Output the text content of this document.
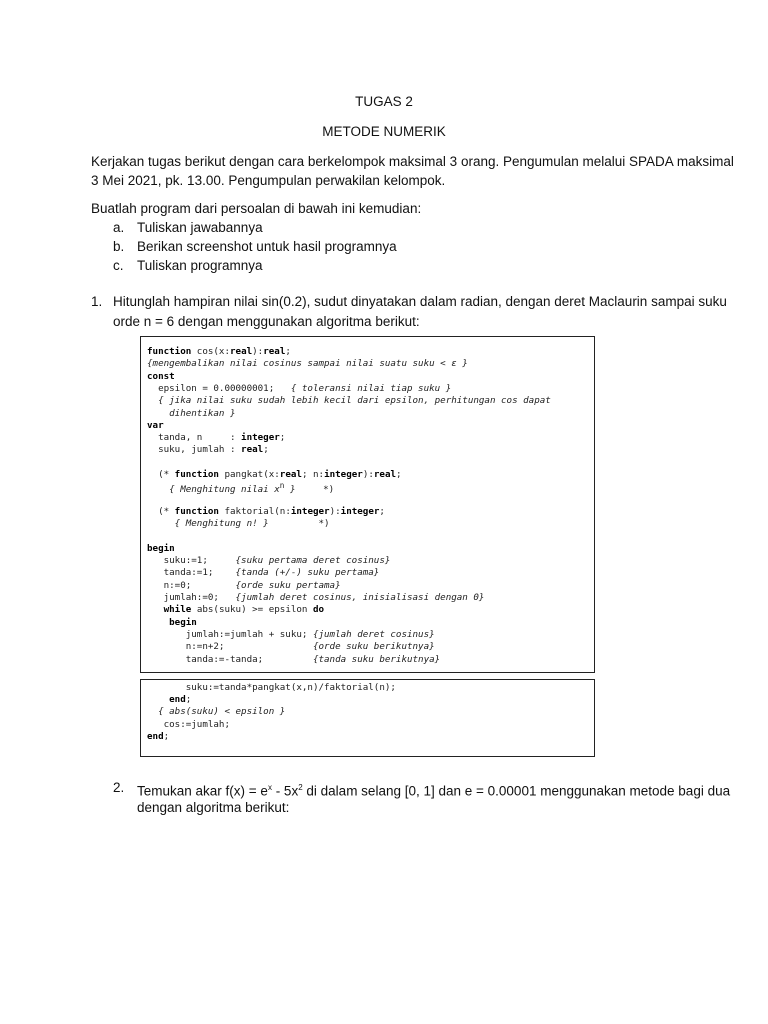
TUGAS 2
METODE NUMERIK
Kerjakan tugas berikut dengan cara berkelompok maksimal 3 orang. Pengumulan melalui SPADA maksimal
3 Mei 2021, pk. 13.00. Pengumpulan perwakilan kelompok.
Buatlah program dari persoalan di bawah ini kemudian:
a. Tuliskan jawabannya
b. Berikan screenshot untuk hasil programnya
c. Tuliskan programnya
1. Hitunglah hampiran nilai sin(0.2), sudut dinyatakan dalam radian, dengan deret Maclaurin sampai suku
orde n = 6 dengan menggunakan algoritma berikut:
function cos(x:real):real;
{mengembalikan nilai cosinus sampai nilai suatu suku < ε }
const
epsilon = 0.00000001;   { toleransi nilai tiap suku }
{ jika nilai suku sudah lebih kecil dari epsilon, perhitungan cos dapat
dihentikan }
var
tanda, n     : integer;
suku, jumlah : real;
(* function pangkat(x:real; n:integer):real;
{ Menghitung nilai $x^n$ }     *)
(* function faktorial(n:integer):integer;
{ Menghitung n! }         *)
begin
suku:=1;     {suku pertama deret cosinus}
tanda:=1;    {tanda (+/-) suku pertama}
n:=0;        {orde suku pertama}
jumlah:=0;   {jumlah deret cosinus, inisialisasi dengan 0}
while abs(suku) >= epsilon do
begin
jumlah:=jumlah + suku; {jumlah deret cosinus}
n:=n+2;                {orde suku berikutnya}
tanda:=-tanda;         {tanda suku berikutnya}
suku:=tanda*pangkat(x,n)/faktorial(n);
end;
{ abs(suku) < epsilon }
cos:=jumlah;
end;
2. Temukan akar $f(x) = e^x - 5x^2$ di dalam selang [0, 1] dan e = 0.00001 menggunakan metode bagi dua
dengan algoritma berikut:
